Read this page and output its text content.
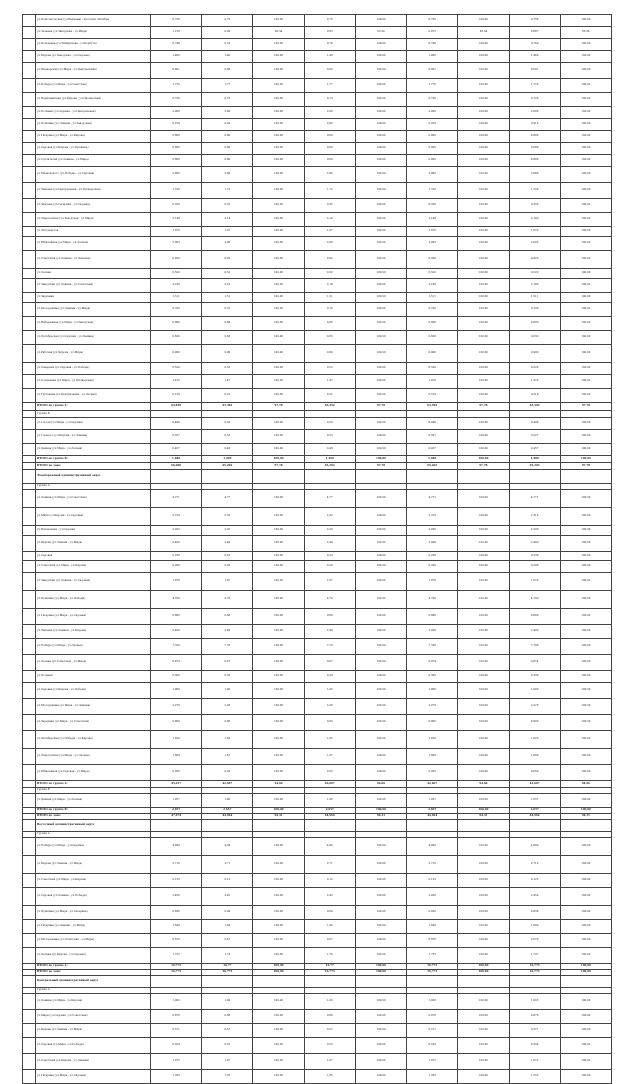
	ул.Комсомольская (ул.Баумана) - проспект Октября	0,756	0,75	100,00	0,75	100,00	0,756	100,00	0,756	100,00
	ул.Зеленая (ул.Заводская - ул.Мира)	1,150	0,92	83,34	0,83	83,34	0,875	83,34	0,867	83,34
	ул.Кольцевая (ул.Тимирязева - ул.Корбута)	0,740	0,74	100,00	0,74	100,00	0,740	100,00	0,740	100,00
	ул.Кирова (ул.Заводская - ул.Садовая)	1,460	1,46	100,00	1,46	100,00	1,460	100,00	1,460	100,00
	ул.Пионерская (ул.Мира - ул.Центральная)	0,601	0,60	100,00	0,60	100,00	0,601	100,00	0,601	100,00
	ул.Победы (ул.Мира - ул.Советская)	1,770	1,77	100,00	1,77	100,00	1,770	100,00	1,770	100,00
	ул.Первомайская (ул.Кирова - ул.Пионерская)	0,726	0,73	100,00	0,73	100,00	0,726	100,00	0,726	100,00
	ул.Полевая (ул.Садовая - ул.Центральная)	2,000	2,00	100,00	2,00	100,00	2,000	100,00	2,000	100,00
	ул.Пушкина (ул.Ленина - ул.Заводская)	0,919	0,92	100,00	0,92	100,00	0,919	100,00	0,919	100,00
	ул.Гагарина (ул.Мира - ул.Кирова)	0,800	0,80	100,00	0,80	100,00	0,800	100,00	0,800	100,00
	ул.Садовая (ул.Кирова - ул.Пушкина)	0,800	0,80	100,00	0,80	100,00	0,800	100,00	0,800	100,00
	ул.Строителей (ул.Ленина - ул.Мира)	0,800	0,80	100,00	0,80	100,00	0,800	100,00	0,800	100,00
	ул.Маяковского (ул.Победы - ул.Садовая)	2,860	2,86	100,00	2,86	100,00	2,860	100,00	2,860	100,00
	ул.Чапаева (ул.Центральная - ул.Пионерская)	1,720	1,72	100,00	1,72	100,00	1,720	100,00	1,720	100,00
	ул.Чкалова (ул.Гагарина - ул.Садовая)	0,350	0,35	100,00	0,35	100,00	0,350	100,00	0,350	100,00
	ул.Энергетиков (ул.Заводская - ул.Мира)	2,140	2,14	100,00	2,14	100,00	2,140	100,00	2,140	100,00
	ул.Энтузиастов	1,070	1,07	100,00	1,07	100,00	1,070	100,00	1,070	100,00
	ул.Юбилейная (ул.Мира - ул.Лесная)	2,003	2,00	100,00	2,00	100,00	2,003	100,00	2,003	100,00
	ул.Советская (ул.Ленина - ул.Чапаева)	0,920	0,92	100,00	0,92	100,00	0,920	100,00	0,920	100,00
	ул.Лесная	0,520	0,52	100,00	0,52	100,00	0,520	100,00	0,520	100,00
	ул.Заводская (ул.Ленина - ул.Советская)	2,190	2,19	100,00	2,19	100,00	2,190	100,00	2,190	100,00
	ул.Заречная	1,511	1,51	100,00	1,51	100,00	1,511	100,00	1,511	100,00
	ул.Молодежная (ул.Ленина - ул.Мира)	0,700	0,70	100,00	0,70	100,00	0,700	100,00	0,700	100,00
	ул.Набережная (ул.Мира - ул.Заводская)	0,800	0,80	100,00	0,80	100,00	0,800	100,00	0,800	100,00
	ул.Октябрьская (ул.Садовая - ул.Ленина)	0,630	0,63	100,00	0,63	100,00	0,630	100,00	0,630	100,00
	ул.Рабочая (ул.Кирова - ул.Мира)	0,900	0,90	100,00	0,90	100,00	0,900	100,00	0,900	100,00
	ул.Северная (ул.Садовая - ул.Победы)	0,520	0,52	100,00	0,52	100,00	0,520	100,00	0,520	100,00
	ул.Солнечная (ул.Мира - ул.Пионерская)	1,470	1,47	100,00	1,47	100,00	1,470	100,00	1,470	100,00
	ул.Тургенева (ул.Центральная - ул.Лесная)	0,219	0,22	100,00	0,22	100,00	0,219	100,00	0,219	100,00
	ИТОГО по группе А:	64,830	63,392	97,78	63,392	97,78	63,392	97,78	63,392	97,78
	Группа Б									
	ул.Гоголя (ул.Мира - ул.Садовая)	0,496	0,50	100,00	0,50	100,00	0,496	100,00	0,496	100,00
	ул.Горького (ул.Кирова - ул.Ленина)	0,527	0,53	100,00	0,53	100,00	0,527	100,00	0,527	100,00
	ул.Дачная (ул.Мира - ул.Лесная)	0,457	0,46	100,00	0,46	100,00	0,457	100,00	0,457	100,00
	ИТОГО по группе Б:	1,480	1,490	100,00	1,490	100,00	1,480	100,00	1,480	100,00
	ИТОГО по зоне:	66,000	65,202	97,78	65,202	97,78	65,202	97,78	65,202	97,78
	Левобережный административный округ									
	Группа А									
	ул.Ленина (ул.Мира - ул.Советская)	4,771	4,77	100,00	4,77	100,00	4,771	100,00	4,771	100,00
	ул.Мира (ул.Кирова - ул.Садовая)	2,319	2,32	100,00	2,32	100,00	2,319	100,00	2,319	100,00
	ул.Вокзальная - ул.Садовая	2,200	2,20	100,00	2,20	100,00	2,200	100,00	2,200	100,00
	ул.Кирова (ул.Ленина - ул.Мира)	2,400	2,40	100,00	2,40	100,00	2,400	100,00	2,400	100,00
	ул.Садовая	0,230	0,23	100,00	0,23	100,00	0,230	100,00	0,230	100,00
	ул.Советская (ул.Мира - ул.Кирова)	0,200	0,20	100,00	0,20	100,00	0,200	100,00	0,200	100,00
	ул.Заводская (ул.Ленина - ул.Садовая)	1,870	1,87	100,00	1,87	100,00	1,870	100,00	1,870	100,00
	ул.Пушкина (ул.Мира - ул.Победы)	4,700	4,70	100,00	4,70	100,00	4,700	100,00	4,700	100,00
	ул.Гагарина (ул.Мира - ул.Садовая)	0,680	0,68	100,00	0,68	100,00	0,680	100,00	0,680	100,00
	ул.Чапаева (ул.Ленина - ул.Кирова)	2,400	2,40	100,00	2,40	100,00	2,400	100,00	2,400	100,00
	ул.Победы (ул.Мира - ул.Лесная)	7,700	7,70	100,00	7,70	100,00	7,700	100,00	7,700	100,00
	ул.Лесная (ул.Советская - ул.Мира)	0,874	0,87	100,00	0,87	100,00	0,874	100,00	0,874	100,00
	ул.Полевая	0,300	0,30	100,00	0,30	100,00	0,300	100,00	0,300	100,00
	ул.Садовая (ул.Кирова - ул.Победы)	1,000	1,00	100,00	1,00	100,00	1,000	100,00	1,000	100,00
	ул.Молодежная (ул.Мира - ул.Ленина)	2,279	2,28	100,00	2,28	100,00	2,279	100,00	2,279	100,00
	ул.Заречная (ул.Мира - ул.Советская)	0,800	0,80	100,00	0,80	100,00	0,800	100,00	0,800	100,00
	ул.Октябрьская (ул.Победы - ул.Кирова)	1,620	1,62	100,00	1,62	100,00	1,620	100,00	1,620	100,00
	ул.Энергетиков (ул.Мира - ул.Лесная)	1,669	1,67	100,00	1,67	100,00	1,669	100,00	1,669	100,00
	ул.Юбилейная (ул.Садовая - ул.Мира)	0,050	0,05	100,00	0,05	100,00	0,050	100,00	0,050	100,00
	ИТОГО по группе А:	45,017	42,607	94,66	42,607	94,66	42,607	94,66	42,607	94,66
	Группа Б									
	ул.Дачная (ул.Мира - ул.Лесная)	1,057	1,06	100,00	1,06	100,00	1,057	100,00	1,057	100,00
	ИТОГО по группе Б:	2,657	2,657	100,00	2,657	100,00	2,657	100,00	2,657	100,00
	ИТОГО по зоне:	47,674	44,964	94,31	44,964	94,31	44,964	94,31	44,964	94,31
	Восточный административный округ									
	Группа А									
	ул.Победы (ул.Мира - ул.Садовая)	4,840	4,84	100,00	4,84	100,00	4,840	100,00	4,840	100,00
	ул.Кирова (ул.Ленина - ул.Мира)	2,710	2,71	100,00	2,71	100,00	2,710	100,00	2,710	100,00
	ул.Советская (ул.Мира - ул.Кирова)	0,125	0,12	100,00	0,12	100,00	0,125	100,00	0,125	100,00
	ул.Садовая (ул.Ленина - ул.Победы)	2,450	2,45	100,00	2,45	100,00	2,450	100,00	2,450	100,00
	ул.Пушкина (ул.Мира - ул.Гагарина)	0,836	0,84	100,00	0,84	100,00	0,836	100,00	0,836	100,00
	ул.Гагарина (ул.Ленина - ул.Мира)	1,640	1,64	100,00	1,64	100,00	1,640	100,00	1,640	100,00
	ул.Молодежная (ул.Советская - ул.Мира)	0,670	0,67	100,00	0,67	100,00	0,670	100,00	0,670	100,00
	ул.Лесная (ул.Кирова - ул.Садовая)	1,737	1,74	100,00	1,74	100,00	1,737	100,00	1,737	100,00
	ИТОГО по группе А:	16,773	16,77	100,00	16,77	100,00	16,773	100,00	16,773	100,00
	ИТОГО по зоне:	16,773	16,773	100,00	16,773	100,00	16,773	100,00	16,773	100,00
	Центральный административный округ									
	Группа А									
	ул.Ленина (ул.Мира - ул.Кирова)	1,003	1,00	100,00	1,00	100,00	1,003	100,00	1,003	100,00
	ул.Мира (ул.Садовая - ул.Советская)	0,876	0,88	100,00	0,88	100,00	0,876	100,00	0,876	100,00
	ул.Кирова (ул.Ленина - ул.Мира)	0,571	0,57	100,00	0,57	100,00	0,571	100,00	0,571	100,00
	ул.Садовая (ул.Мира - ул.Победы)	0,554	0,55	100,00	0,55	100,00	0,554	100,00	0,554	100,00
	ул.Советская (ул.Кирова - ул.Ленина)	1,072	1,07	100,00	1,07	100,00	1,072	100,00	1,072	100,00
	ул.Гагарина (ул.Мира - ул.Садовая)	1,353	1,35	100,00	1,35	100,00	1,353	100,00	1,353	100,00
